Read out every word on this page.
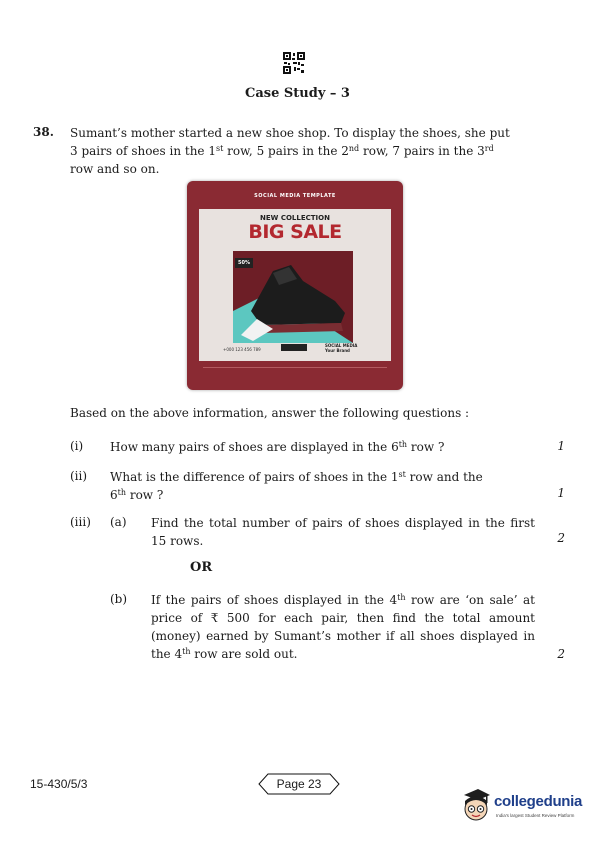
Case Study – 3
38. Sumant’s mother started a new shoe shop. To display the shoes, she put
3 pairs of shoes in the 1st row, 5 pairs in the 2nd row, 7 pairs in the 3rd
row and so on.
SOCIAL MEDIA TEMPLATE
NEW COLLECTION
BIG SALE
50%
+000 123 456 789
SOCIAL MEDIA
Your Brand
Based on the above information, answer the following questions :
(i) How many pairs of shoes are displayed in the 6th row ?	1
(ii) What is the difference of pairs of shoes in the 1st row and the
6th row ?	1
(iii) (a) Find the total number of pairs of shoes displayed in the first 15 rows.	2
OR
(b) If the pairs of shoes displayed in the 4th row are ‘on sale’ at price of ₹ 500 for each pair, then find the total amount (money) earned by Sumant’s mother if all shoes displayed in the 4th row are sold out.	2
15-430/5/3	Page 23
collegedunia
India's largest Student Review Platform
